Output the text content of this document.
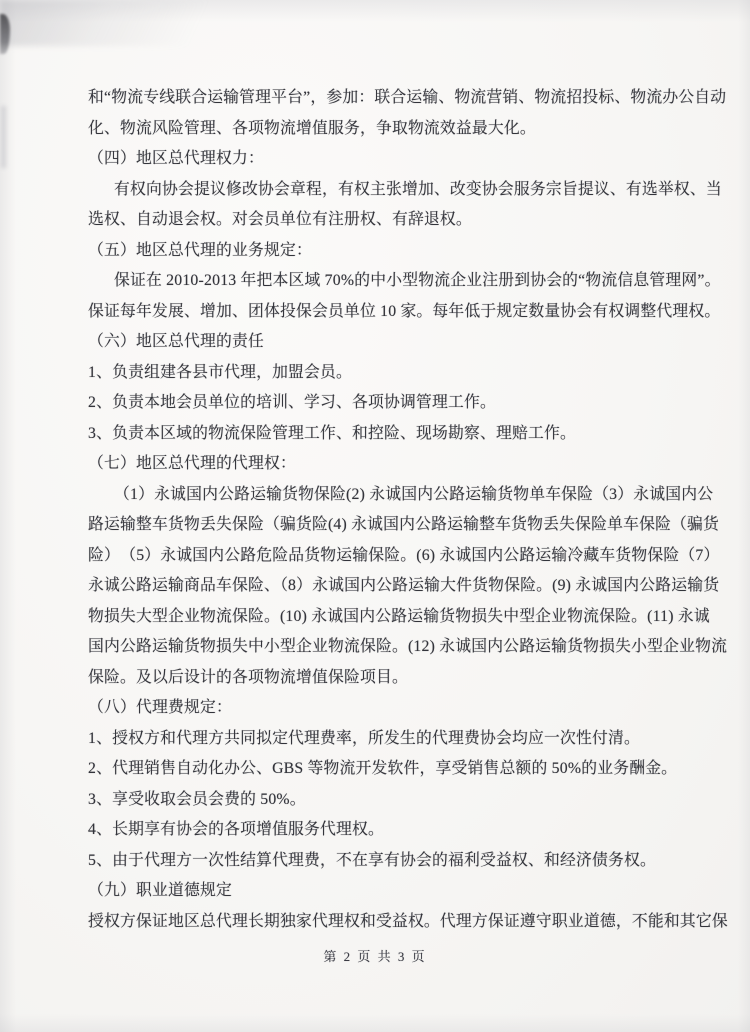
和“物流专线联合运输管理平台”，参加：联合运输、物流营销、物流招投标、物流办公自动
化、物流风险管理、各项物流增值服务，争取物流效益最大化。
（四）地区总代理权力：
有权向协会提议修改协会章程，有权主张增加、改变协会服务宗旨提议、有选举权、当
选权、自动退会权。对会员单位有注册权、有辞退权。
（五）地区总代理的业务规定：
保证在 2010-2013 年把本区域 70%的中小型物流企业注册到协会的“物流信息管理网”。
保证每年发展、增加、团体投保会员单位 10 家。每年低于规定数量协会有权调整代理权。
（六）地区总代理的责任
1、负责组建各县市代理，加盟会员。
2、负责本地会员单位的培训、学习、各项协调管理工作。
3、负责本区域的物流保险管理工作、和控险、现场勘察、理赔工作。
（七）地区总代理的代理权：
（1）永诚国内公路运输货物保险(2) 永诚国内公路运输货物单车保险（3）永诚国内公
路运输整车货物丢失保险（骗货险(4) 永诚国内公路运输整车货物丢失保险单车保险（骗货
险）　（5）永诚国内公路危险品货物运输保险。(6) 永诚国内公路运输冷藏车货物保险（7）
永诚公路运输商品车保险、（8）永诚国内公路运输大件货物保险。(9) 永诚国内公路运输货
物损失大型企业物流保险。(10) 永诚国内公路运输货物损失中型企业物流保险。(11) 永诚
国内公路运输货物损失中小型企业物流保险。(12) 永诚国内公路运输货物损失小型企业物流
保险。及以后设计的各项物流增值保险项目。
（八）代理费规定：
1、授权方和代理方共同拟定代理费率，所发生的代理费协会均应一次性付清。
2、代理销售自动化办公、GBS 等物流开发软件，享受销售总额的 50%的业务酬金。
3、享受收取会员会费的 50%。
4、长期享有协会的各项增值服务代理权。
5、由于代理方一次性结算代理费，不在享有协会的福利受益权、和经济债务权。
（九）职业道德规定
授权方保证地区总代理长期独家代理权和受益权。代理方保证遵守职业道德，不能和其它保
第 2 页 共 3 页
